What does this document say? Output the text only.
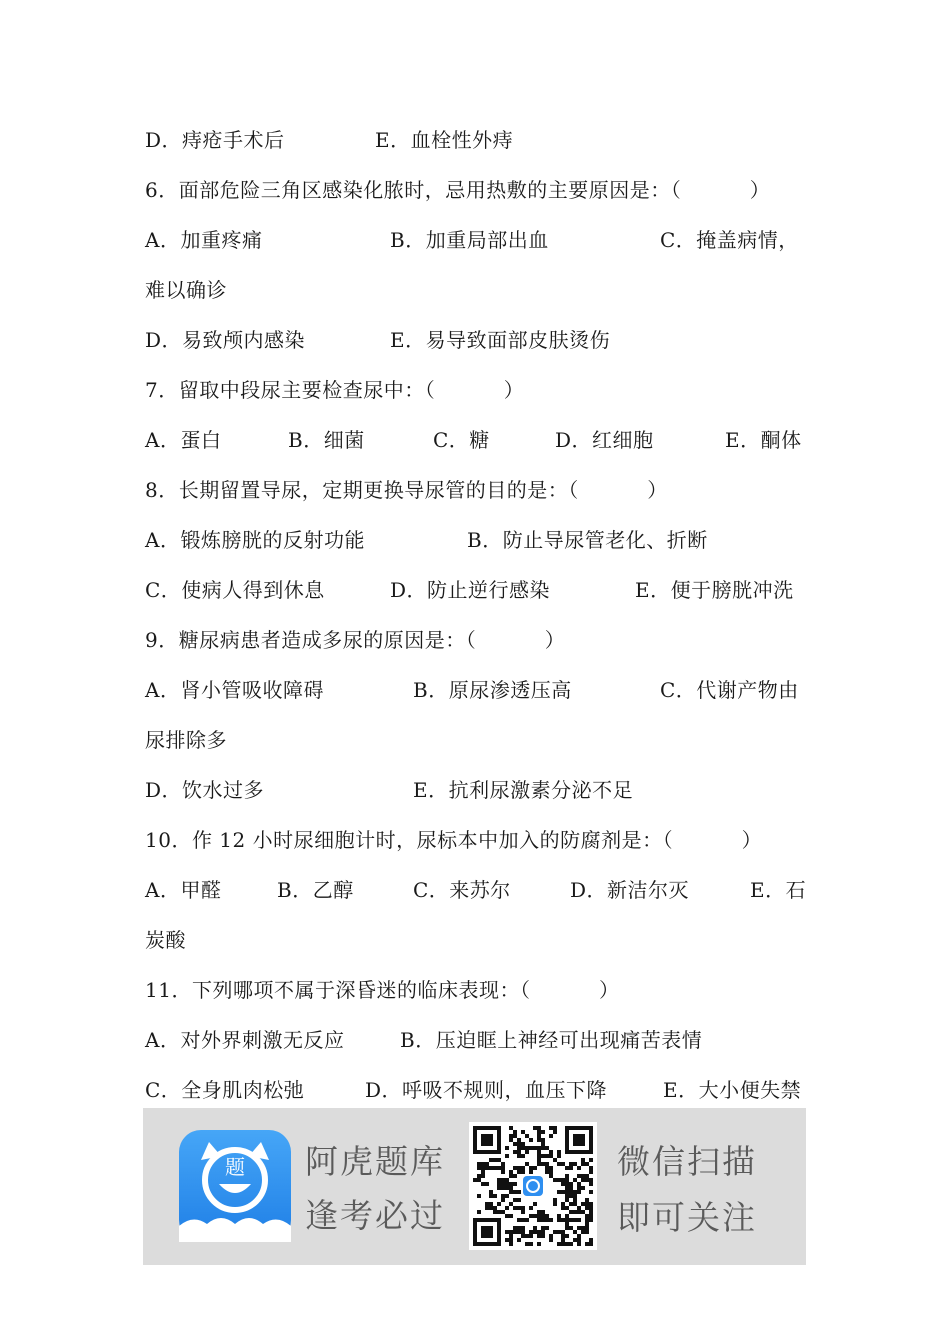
D．痔疮手术后	E．血栓性外痔
6．面部危险三角区感染化脓时，忌用热敷的主要原因是：（          ）
A．加重疼痛	B．加重局部出血	C．掩盖病情，
难以确诊
D．易致颅内感染	E．易导致面部皮肤烫伤
7．留取中段尿主要检查尿中：（          ）
A．蛋白	B．细菌	C．糖	D．红细胞	E．酮体
8．长期留置导尿，定期更换导尿管的目的是：（          ）
A．锻炼膀胱的反射功能	B．防止导尿管老化、折断
C．使病人得到休息	D．防止逆行感染	E．便于膀胱冲洗
9．糖尿病患者造成多尿的原因是：（          ）
A．肾小管吸收障碍	B．原尿渗透压高	C．代谢产物由
尿排除多
D．饮水过多	E．抗利尿激素分泌不足
10．作 12 小时尿细胞计时，尿标本中加入的防腐剂是：（          ）
A．甲醛	B．乙醇	C．来苏尔	D．新洁尔灭	E．石
炭酸
11．下列哪项不属于深昏迷的临床表现：（          ）
A．对外界刺激无反应	B．压迫眶上神经可出现痛苦表情
C．全身肌肉松弛	D．呼吸不规则，血压下降	E．大小便失禁
题 阿虎题库
逢考必过
微信扫描
即可关注
